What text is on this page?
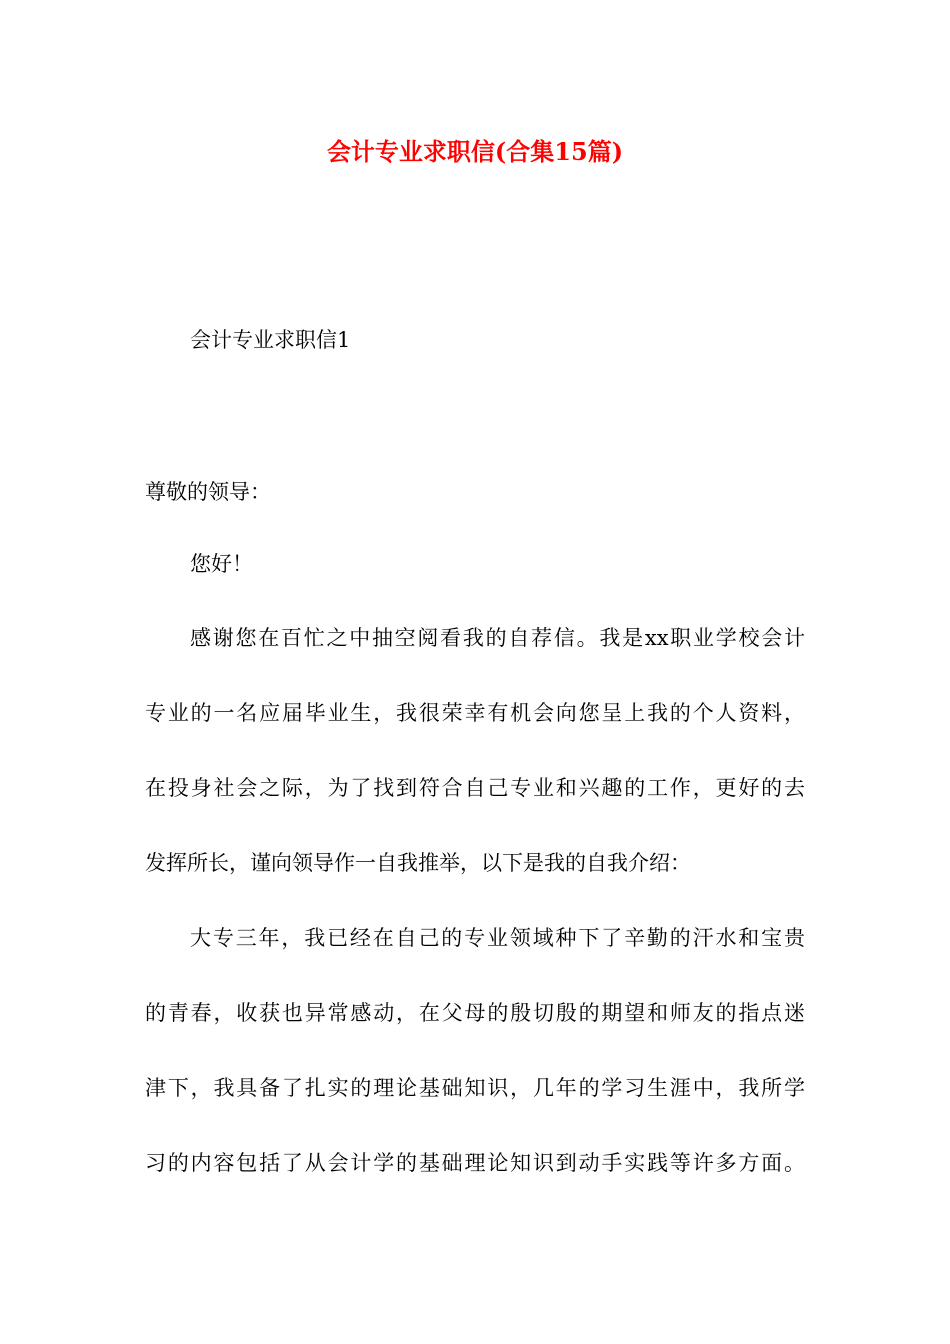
会计专业求职信(合集15篇)
会计专业求职信1
尊敬的领导：
您好！
感谢您在百忙之中抽空阅看我的自荐信。我是xx职业学校会计
专业的一名应届毕业生，我很荣幸有机会向您呈上我的个人资料，
在投身社会之际，为了找到符合自己专业和兴趣的工作，更好的去
发挥所长，谨向领导作一自我推举，以下是我的自我介绍：
大专三年，我已经在自己的专业领域种下了辛勤的汗水和宝贵
的青春，收获也异常感动，在父母的殷切殷的期望和师友的指点迷
津下，我具备了扎实的理论基础知识，几年的学习生涯中，我所学
习的内容包括了从会计学的基础理论知识到动手实践等许多方面。
